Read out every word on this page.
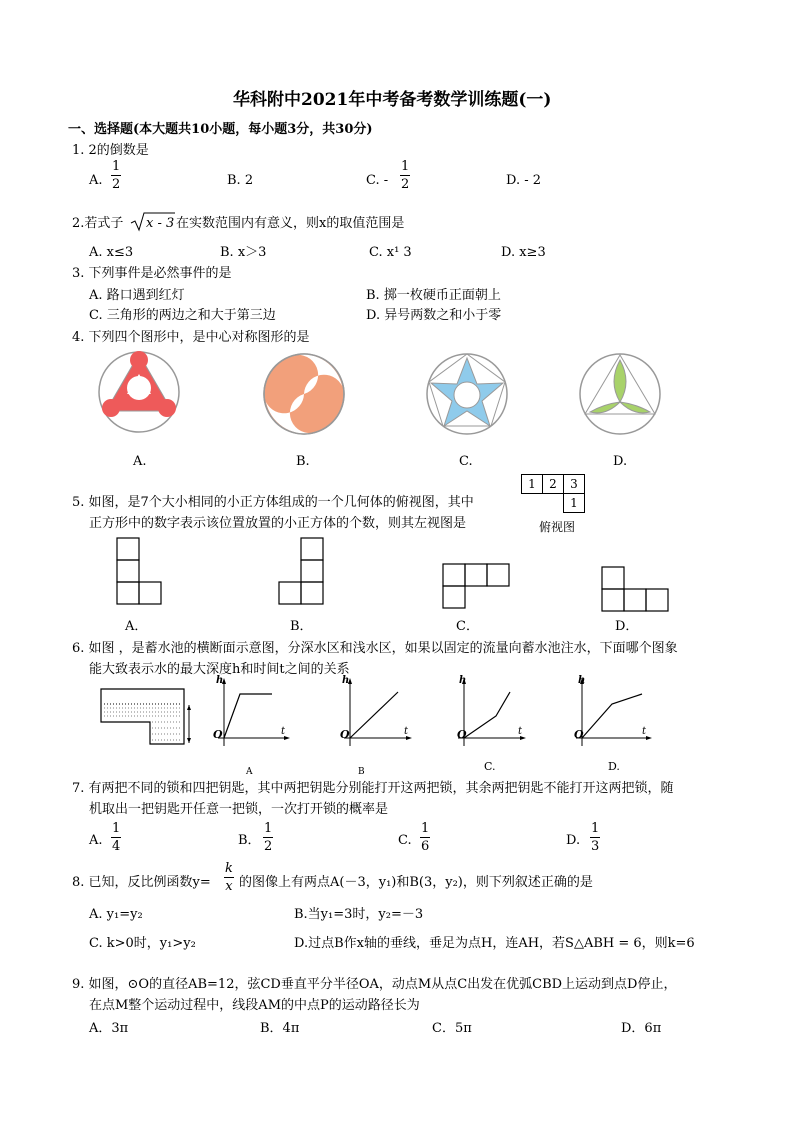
华科附中2021年中考备考数学训练题(一)
一、选择题(本大题共10小题，每小题3分，共30分)
1. 2的倒数是
A.
1
2	B. 2	C. -
1
2	D. - 2
2.若式子 x - 3 在实数范围内有意义，则x的取值范围是
A. x≤3	B. x＞3	C. x¹ 3	D. x≥3
3. 下列事件是必然事件的是
A. 路口遇到红灯	B. 掷一枚硬币正面朝上
C. 三角形的两边之和大于第三边	D. 异号两数之和小于零
4. 下列四个图形中，是中心对称图形的是
A.	B.	C.	D.
5. 如图，是7个大小相同的小正方体组成的一个几何体的俯视图，其中
正方形中的数字表示该位置放置的小正方体的个数，则其左视图是
1	2	3
		1
俯视图
A．	B．	C．	D．
6. 如图 ，是蓄水池的横断面示意图，分深水区和浅水区，如果以固定的流量向蓄水池注水，下面哪个图象
能大致表示水的最大深度h和时间t之间的关系
h
O	t
h
O	t
h
O	t
h
O	t
A	B	C.	D.
7. 有两把不同的锁和四把钥匙，其中两把钥匙分别能打开这两把锁，其余两把钥匙不能打开这两把锁，随
机取出一把钥匙开任意一把锁，一次打开锁的概率是
A.
1
4	B．
1
2	C.
1
6	D.
1
3
8. 已知，反比例函数y=
k
x 的图像上有两点A(－3，y₁)和B(3，y₂)，则下列叙述正确的是
A. y₁=y₂	B.当y₁=3时，y₂=－3
C. k>0时，y₁>y₂	D.过点B作x轴的垂线，垂足为点H，连AH，若S△ABH = 6，则k=6
9. 如图，⊙O的直径AB=12，弦CD垂直平分半径OA，动点M从点C出发在优弧CBD上运动到点D停止，
在点M整个运动过程中，线段AM的中点P的运动路径长为
A．3π	B．4π	C．5π	D．6π
